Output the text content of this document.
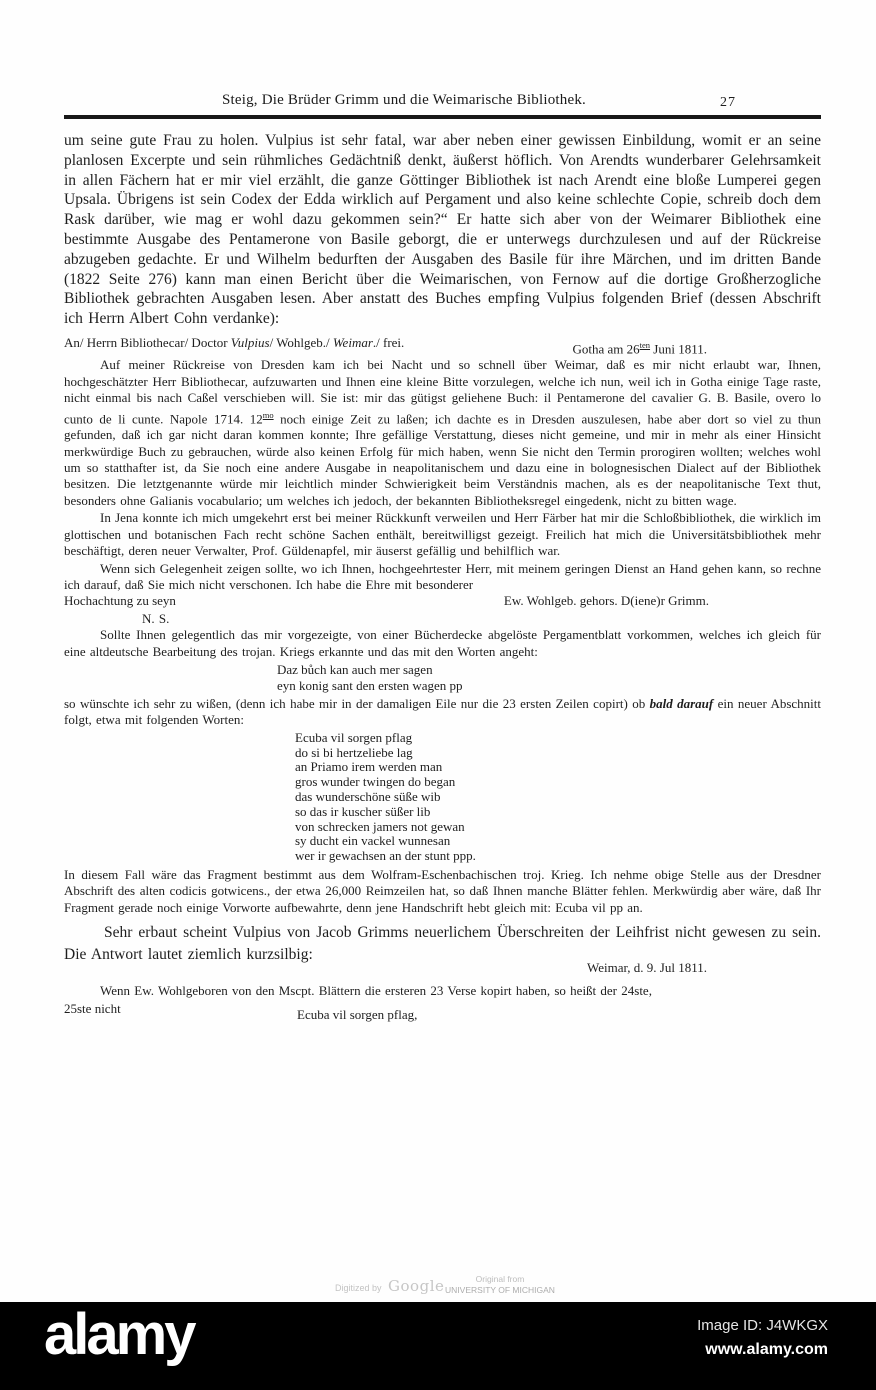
Steig, Die Brüder Grimm und die Weimarische Bibliothek.	27

um seine gute Frau zu holen. Vulpius ist sehr fatal, war aber neben einer gewissen Einbildung, womit er an seine planlosen Excerpte und sein rühmliches Gedächtniß denkt, äußerst höflich. Von Arendts wunderbarer Gelehrsamkeit in allen Fächern hat er mir viel erzählt, die ganze Göttinger Bibliothek ist nach Arendt eine bloße Lumperei gegen Upsala. Übrigens ist sein Codex der Edda wirklich auf Pergament und also keine schlechte Copie, schreib doch dem Rask darüber, wie mag er wohl dazu gekommen sein?“ Er hatte sich aber von der Weimarer Bibliothek eine bestimmte Ausgabe des Pentamerone von Basile geborgt, die er unterwegs durchzulesen und auf der Rückreise abzugeben gedachte. Er und Wilhelm bedurften der Ausgaben des Basile für ihre Märchen, und im dritten Bande (1822 Seite 276) kann man einen Bericht über die Weimarischen, von Fernow auf die dortige Großherzogliche Bibliothek gebrachten Ausgaben lesen. Aber anstatt des Buches empfing Vulpius folgenden Brief (dessen Abschrift ich Herrn Albert Cohn verdanke):

An/ Herrn Bibliothecar/ Doctor Vulpius/ Wohlgeb./ Weimar./ frei.	Gotha am $26^{ten}$ Juni 1811.

Auf meiner Rückreise von Dresden kam ich bei Nacht und so schnell über Weimar, daß es mir nicht erlaubt war, Ihnen, hochgeschätzter Herr Bibliothecar, aufzuwarten und Ihnen eine kleine Bitte vorzulegen, welche ich nun, weil ich in Gotha einige Tage raste, nicht einmal bis nach Caßel verschieben will. Sie ist: mir das gütigst geliehene Buch: il Pentamerone del cavalier G. B. Basile, overo lo cunto de li cunte. Napole 1714. $12^{mo}$ noch einige Zeit zu laßen; ich dachte es in Dresden auszulesen, habe aber dort so viel zu thun gefunden, daß ich gar nicht daran kommen konnte; Ihre gefällige Verstattung, dieses nicht gemeine, und mir in mehr als einer Hinsicht merkwürdige Buch zu gebrauchen, würde also keinen Erfolg für mich haben, wenn Sie nicht den Termin prorogiren wollten; welches wohl um so statthafter ist, da Sie noch eine andere Ausgabe in neapolitanischem und dazu eine in bolognesischen Dialect auf der Bibliothek besitzen. Die letztgenannte würde mir leichtlich minder Schwierigkeit beim Verständnis machen, als es der neapolitanische Text thut, besonders ohne Galianis vocabulario; um welches ich jedoch, der bekannten Bibliotheksregel eingedenk, nicht zu bitten wage.

In Jena konnte ich mich umgekehrt erst bei meiner Rückkunft verweilen und Herr Färber hat mir die Schloßbibliothek, die wirklich im glottischen und botanischen Fach recht schöne Sachen enthält, bereitwilligst gezeigt. Freilich hat mich die Universitätsbibliothek mehr beschäftigt, deren neuer Verwalter, Prof. Güldenapfel, mir äuserst gefällig und behilflich war.

Wenn sich Gelegenheit zeigen sollte, wo ich Ihnen, hochgeehrtester Herr, mit meinem geringen Dienst an Hand gehen kann, so rechne ich darauf, daß Sie mich nicht verschonen. Ich habe die Ehre mit besonderer

Hochachtung zu seyn	Ew. Wohlgeb. gehors. D(iene)r Grimm.

N. S.

Sollte Ihnen gelegentlich das mir vorgezeigte, von einer Bücherdecke abgelöste Pergamentblatt vorkommen, welches ich gleich für eine altdeutsche Bearbeitung des trojan. Kriegs erkannte und das mit den Worten angeht:

Daz bůch kan auch mer sagen
eyn konig sant den ersten wagen pp

so wünschte ich sehr zu wißen, (denn ich habe mir in der damaligen Eile nur die 23 ersten Zeilen copirt) ob bald darauf ein neuer Abschnitt folgt, etwa mit folgenden Worten:

Ecuba vil sorgen pflag
do si bi hertzeliebe lag
an Priamo irem werden man
gros wunder twingen do began
das wunderschöne süße wib
so das ir kuscher süßer lib
von schrecken jamers not gewan
sy ducht ein vackel wunnesan
wer ir gewachsen an der stunt ppp.

In diesem Fall wäre das Fragment bestimmt aus dem Wolfram-Eschenbachischen troj. Krieg. Ich nehme obige Stelle aus der Dresdner Abschrift des alten codicis gotwicens., der etwa 26,000 Reimzeilen hat, so daß Ihnen manche Blätter fehlen. Merkwürdig aber wäre, daß Ihr Fragment gerade noch einige Vorworte aufbewahrte, denn jene Handschrift hebt gleich mit: Ecuba vil pp an.

Sehr erbaut scheint Vulpius von Jacob Grimms neuerlichem Überschreiten der Leihfrist nicht gewesen zu sein. Die Antwort lautet ziemlich kurzsilbig:

Weimar, d. 9. Jul 1811.

Wenn Ew. Wohlgeboren von den Mscpt. Blättern die ersteren 23 Verse kopirt haben, so heißt der 24ste,

25ste nicht	Ecuba vil sorgen pflag,
Digitized by Google	Original from
UNIVERSITY OF MICHIGAN
alamy	Image ID: J4WKGX
www.alamy.com
